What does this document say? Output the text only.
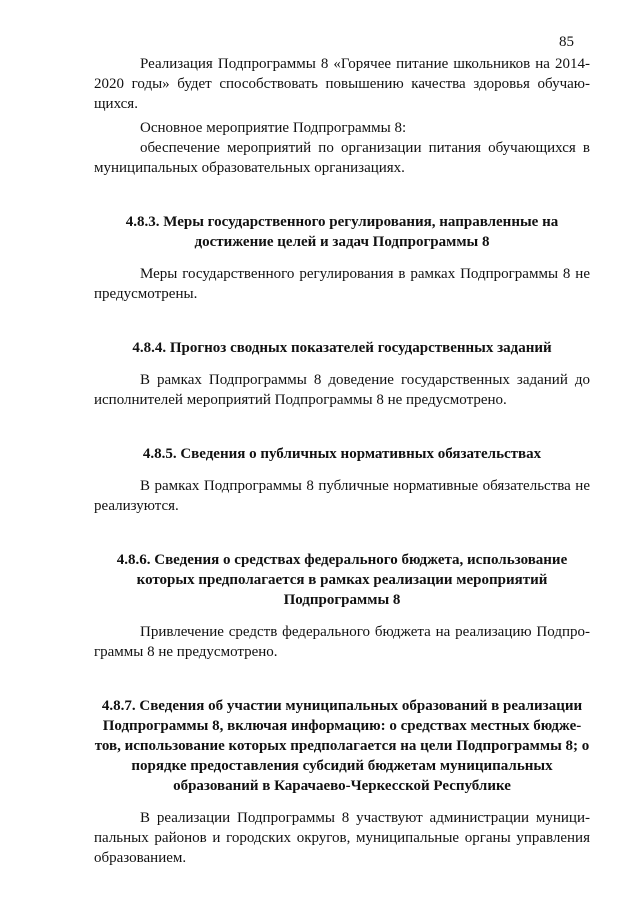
85

Реализация Подпрограммы 8 «Горячее питание школьников на 2014-2020 годы» будет способствовать повышению качества здоровья обучающихся.

Основное мероприятие Подпрограммы 8:

обеспечение мероприятий по организации питания обучающихся в муниципальных образовательных организациях.

4.8.3. Меры государственного регулирования, направленные на достижение целей и задач Подпрограммы 8

Меры государственного регулирования в рамках Подпрограммы 8 не предусмотрены.

4.8.4. Прогноз сводных показателей государственных заданий

В рамках Подпрограммы 8 доведение государственных заданий до исполнителей мероприятий Подпрограммы 8 не предусмотрено.

4.8.5. Сведения о публичных нормативных обязательствах

В рамках Подпрограммы 8 публичные нормативные обязательства не реализуются.

4.8.6. Сведения о средствах федерального бюджета, использование которых предполагается в рамках реализации мероприятий Подпрограммы 8

Привлечение средств федерального бюджета на реализацию Подпрограммы 8 не предусмотрено.

4.8.7. Сведения об участии муниципальных образований в реализации Подпрограммы 8, включая информацию: о средствах местных бюджетов, использование которых предполагается на цели Подпрограммы 8; о порядке предоставления субсидий бюджетам муниципальных образований в Карачаево-Черкесской Республике

В реализации Подпрограммы 8 участвуют администрации муниципальных районов и городских округов, муниципальные органы управления образованием.
